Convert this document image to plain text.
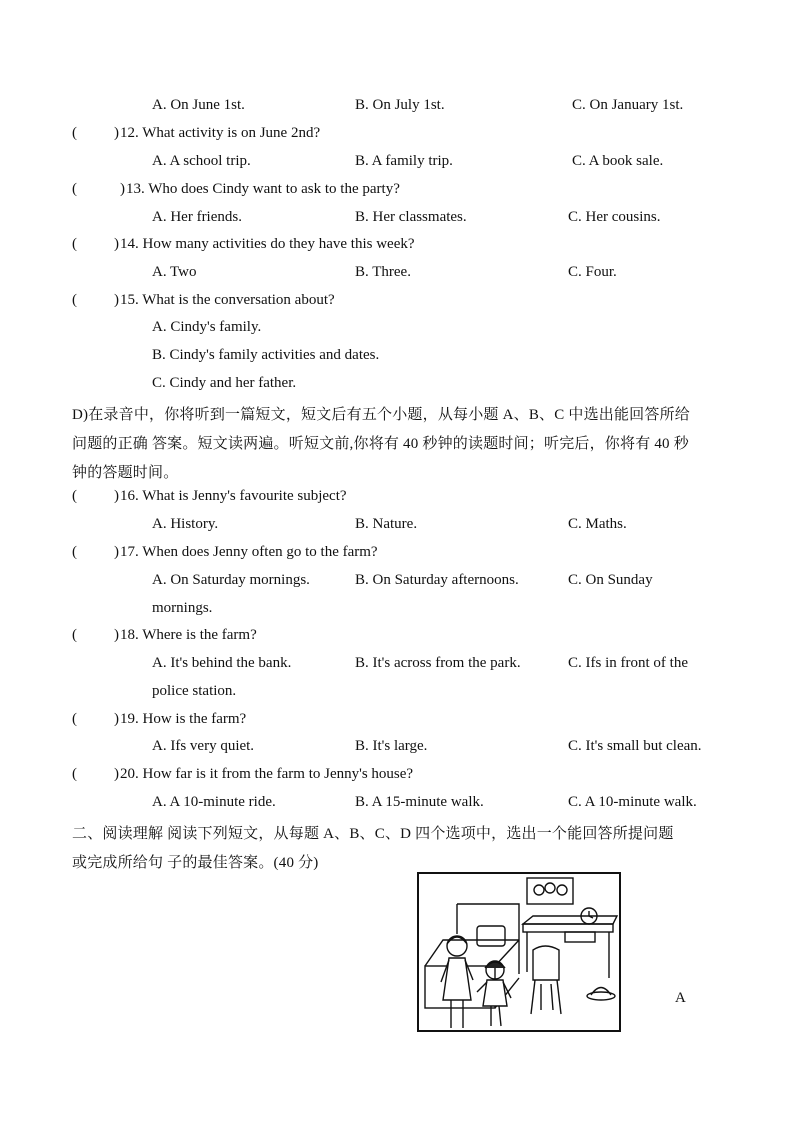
A. On June 1st.	B. On July 1st.	C. On January 1st.
( ) 12. What activity is on June 2nd?
A. A school trip.	B. A family trip.	C. A book sale.
(	) 13. Who does Cindy want to ask to the party?
A. Her friends.	B. Her classmates.	C. Her cousins.
( ) 14. How many activities do they have this week?
A. Two	B. Three.	C. Four.
( ) 15. What is the conversation about?
A. Cindy's family.
B. Cindy's family activities and dates.
C. Cindy and her father.
D)在录音中，你将听到一篇短文，短文后有五个小题，从每小题 A、B、C 中选出能回答所给
问题的正确 答案。短文读两遍。听短文前,你将有 40 秒钟的读题时间；听完后，你将有 40 秒
钟的答题时间。
( ) 16. What is Jenny's favourite subject?
A. History.	B. Nature.	C. Maths.
( ) 17. When does Jenny often go to the farm?
A. On Saturday mornings.	B. On Saturday afternoons.	C. On Sunday
mornings.
( ) 18. Where is the farm?
A. It's behind the bank.	B. It's across from the park.	C. Ifs in front of the
police station.
( ) 19. How is the farm?
A. Ifs very quiet.	B. It's large.	C. It's small but clean.
( ) 20. How far is it from the farm to Jenny's house?
A. A 10-minute ride.	B. A 15-minute walk.	C. A 10-minute walk.
二、阅读理解 阅读下列短文，从每题 A、B、C、D 四个选项中，选出一个能回答所提问题
或完成所给句 子的最佳答案。(40 分)
A
